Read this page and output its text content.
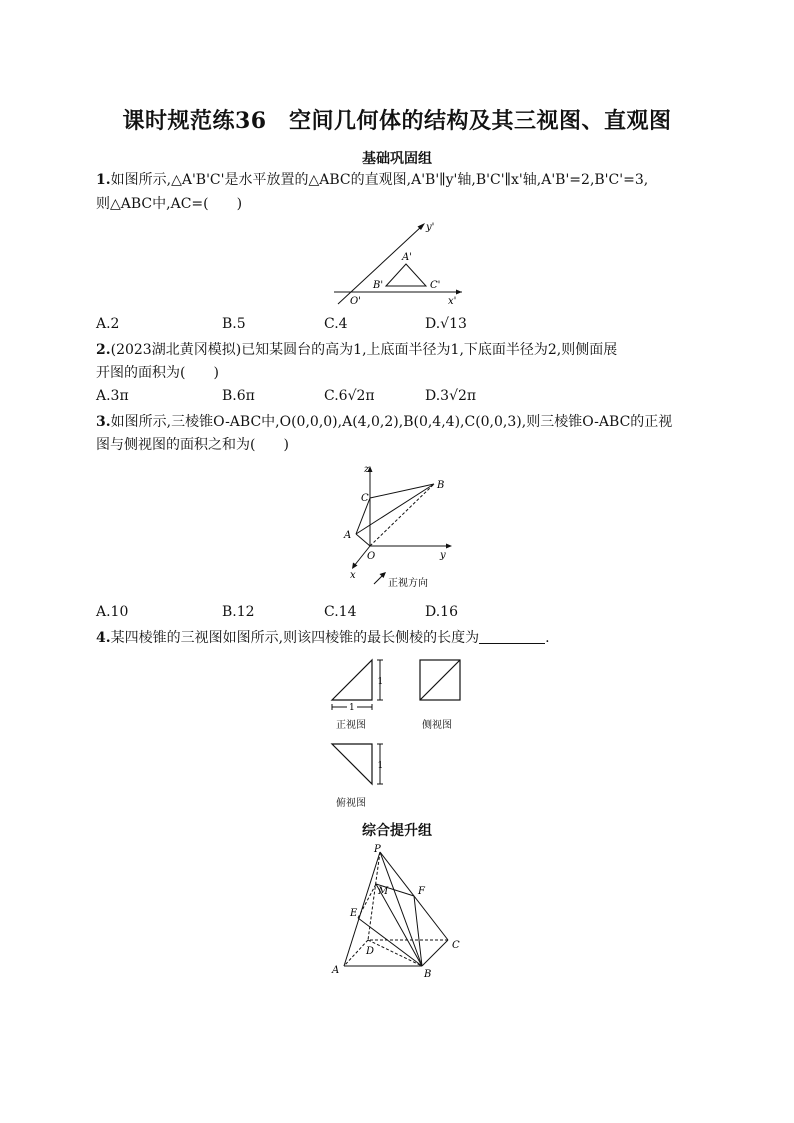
课时规范练36　空间几何体的结构及其三视图、直观图
基础巩固组
1.如图所示,△A'B'C'是水平放置的△ABC的直观图,A'B'∥y'轴,B'C'∥x'轴,A'B'=2,B'C'=3,
则△ABC中,AC=(　　)
y'
A'
B'	C'
O'	x'
A.2	B.5	C.4	D.√13
2.(2023湖北黄冈模拟)已知某圆台的高为1,上底面半径为1,下底面半径为2,则侧面展
开图的面积为(　　)
A.3π	B.6π	C.6√2π	D.3√2π
3.如图所示,三棱锥O-ABC中,O(0,0,0),A(4,0,2),B(0,4,4),C(0,0,3),则三棱锥O-ABC的正视
图与侧视图的面积之和为(　　)
z
B
C
A
O	y
x
正视方向
A.10	B.12	C.14	D.16
4.某四棱锥的三视图如图所示,则该四棱锥的最长侧棱的长度为	.
1
1
正视图	侧视图
1
俯视图
综合提升组
P
M	F
E
C
D
A	B
